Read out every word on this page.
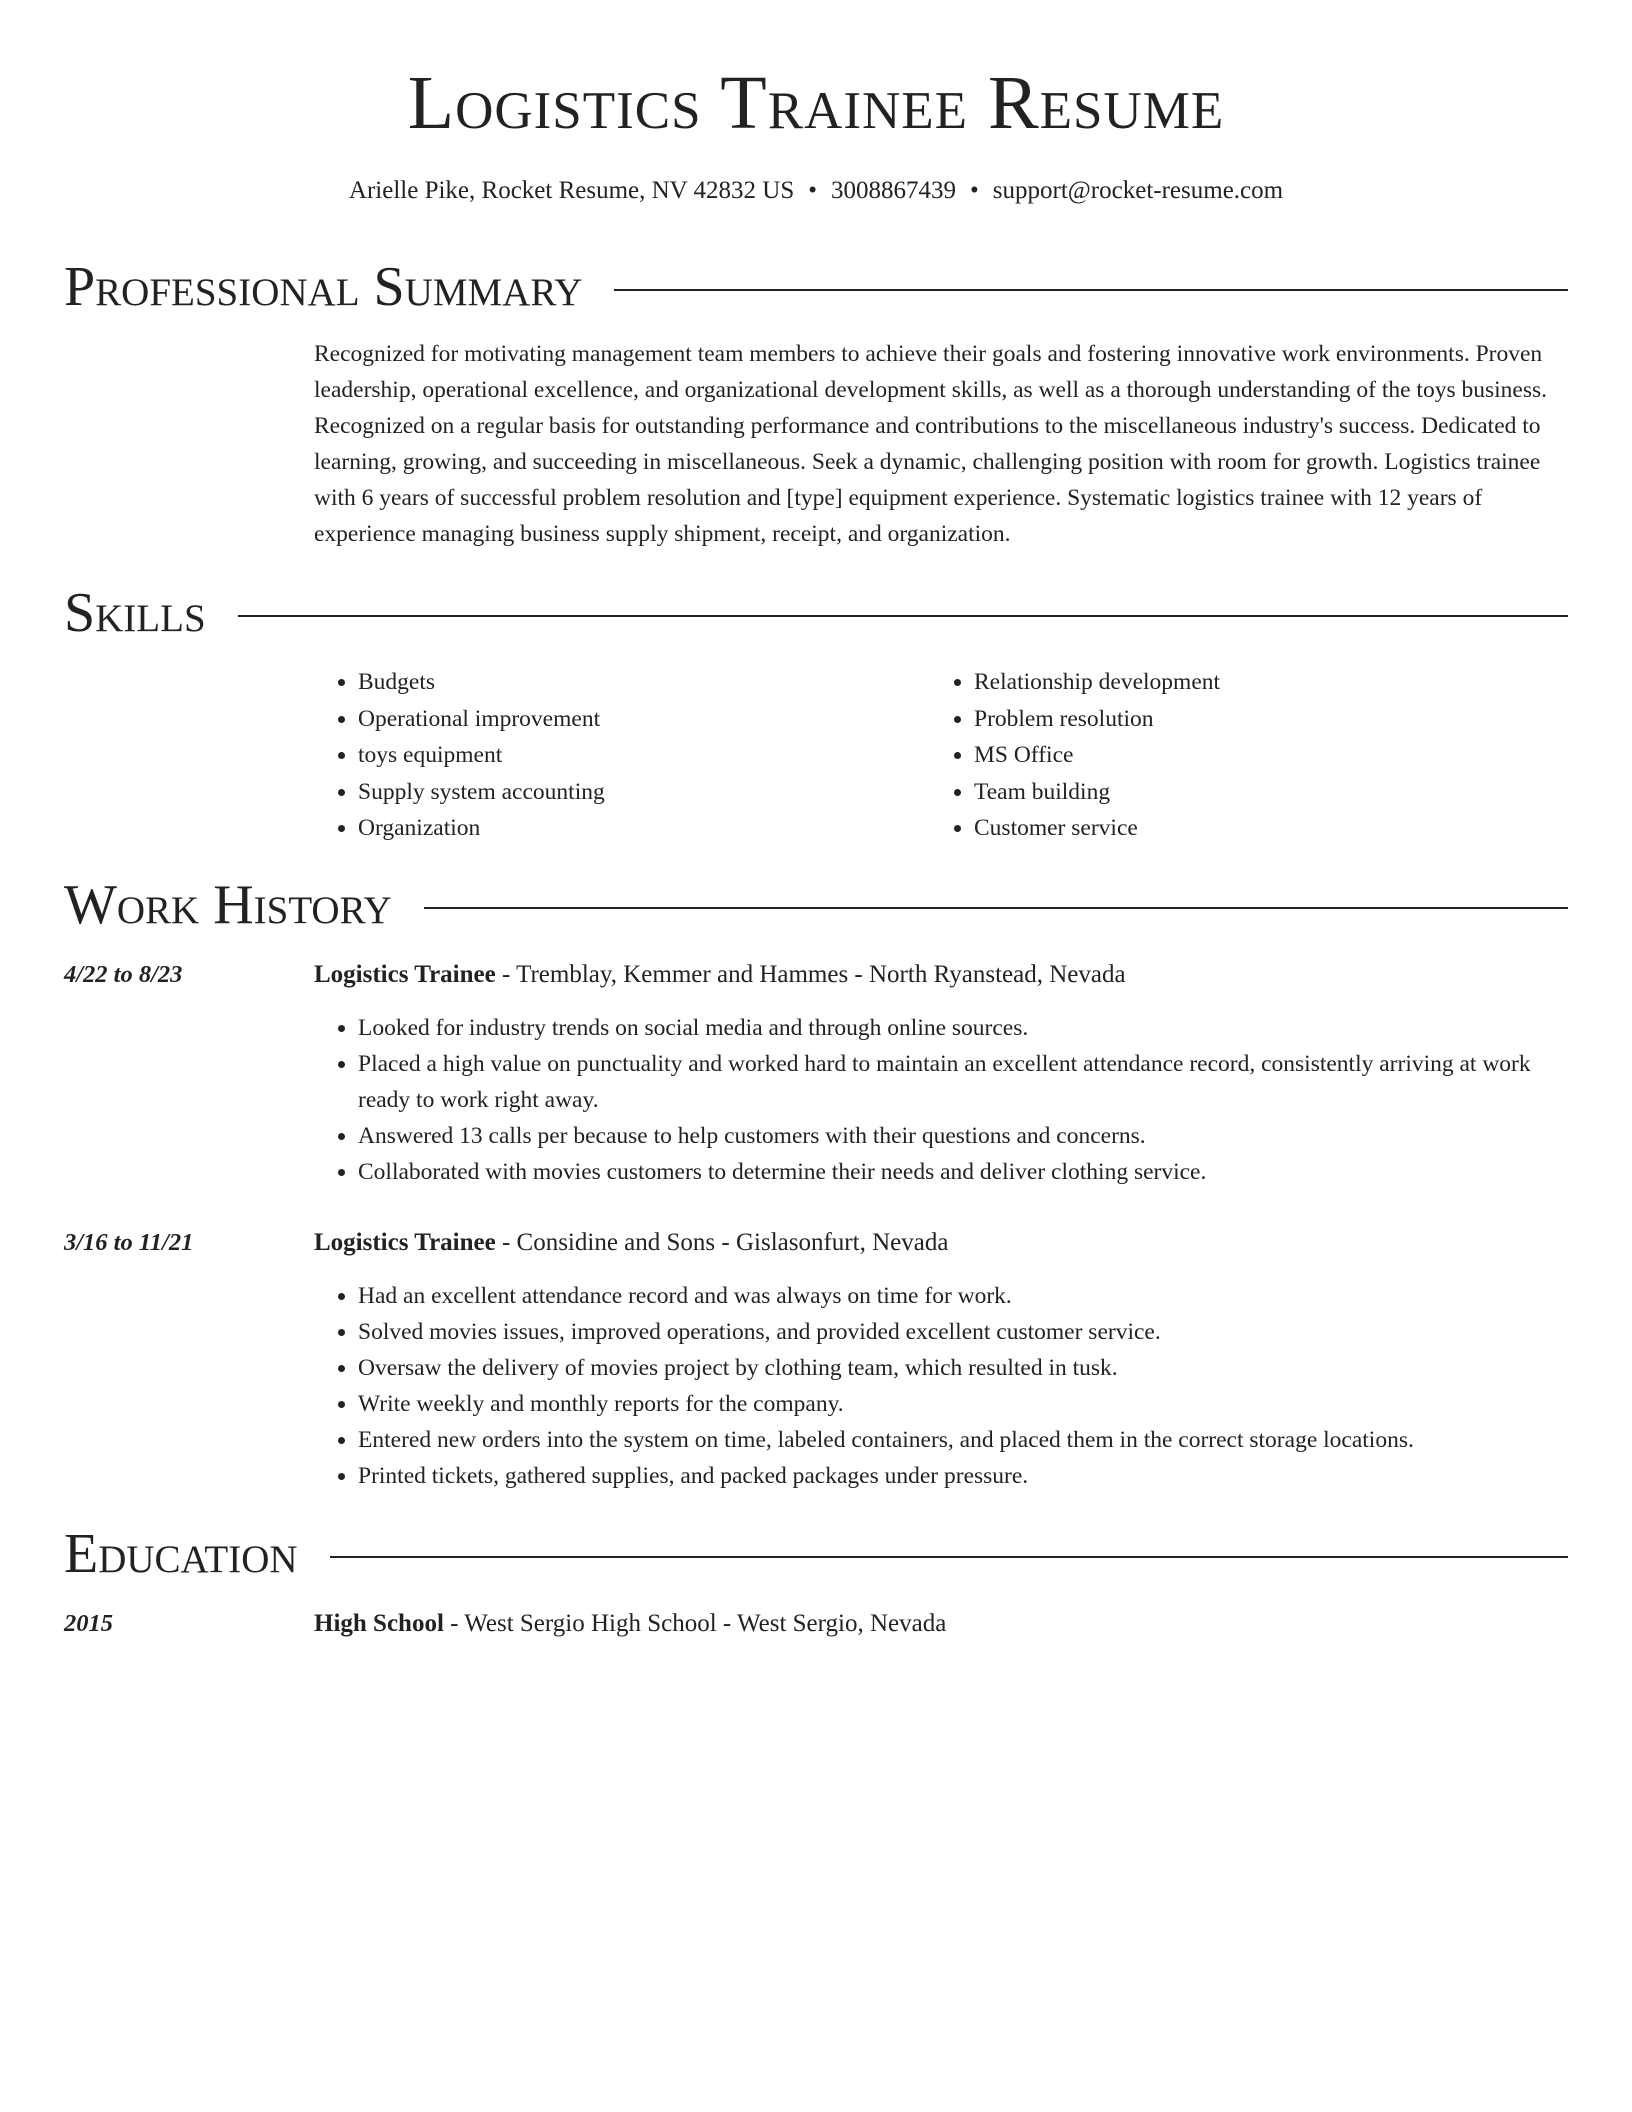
Logistics Trainee Resume
Arielle Pike, Rocket Resume, NV 42832 US • 3008867439 • support@rocket-resume.com
Professional Summary

Recognized for motivating management team members to achieve their goals and fostering innovative work environments. Proven leadership, operational excellence, and organizational development skills, as well as a thorough understanding of the toys business. Recognized on a regular basis for outstanding performance and contributions to the miscellaneous industry's success. Dedicated to learning, growing, and succeeding in miscellaneous. Seek a dynamic, challenging position with room for growth. Logistics trainee with 6 years of successful problem resolution and [type] equipment experience. Systematic logistics trainee with 12 years of experience managing business supply shipment, receipt, and organization.

Skills
• Budgets
• Operational improvement
• toys equipment
• Supply system accounting
• Organization
• Relationship development
• Problem resolution
• MS Office
• Team building
• Customer service
Work History
4/22 to 8/23	Logistics Trainee - Tremblay, Kemmer and Hammes - North Ryanstead, Nevada
• Looked for industry trends on social media and through online sources.
• Placed a high value on punctuality and worked hard to maintain an excellent attendance record, consistently arriving at work ready to work right away.
• Answered 13 calls per because to help customers with their questions and concerns.
• Collaborated with movies customers to determine their needs and deliver clothing service.
3/16 to 11/21	Logistics Trainee - Considine and Sons - Gislasonfurt, Nevada
• Had an excellent attendance record and was always on time for work.
• Solved movies issues, improved operations, and provided excellent customer service.
• Oversaw the delivery of movies project by clothing team, which resulted in tusk.
• Write weekly and monthly reports for the company.
• Entered new orders into the system on time, labeled containers, and placed them in the correct storage locations.
• Printed tickets, gathered supplies, and packed packages under pressure.
Education
2015	High School - West Sergio High School - West Sergio, Nevada
